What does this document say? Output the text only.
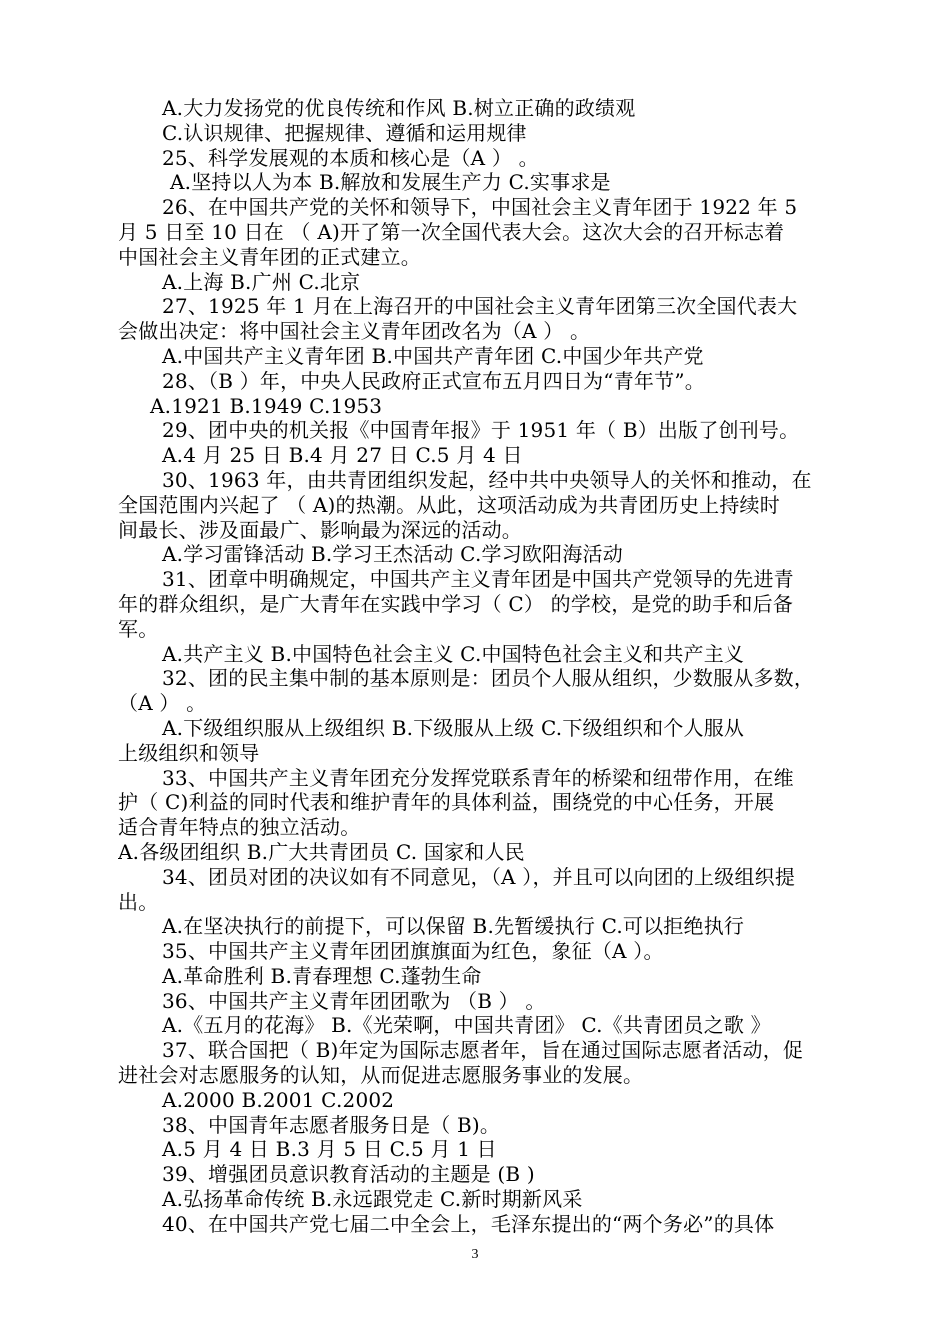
A.大力发扬党的优良传统和作风 B.树立正确的政绩观
C.认识规律、把握规律、遵循和运用规律
25、科学发展观的本质和核心是（A ） 。
A.坚持以人为本 B.解放和发展生产力 C.实事求是
26、在中国共产党的关怀和领导下，中国社会主义青年团于 1922 年 5
月 5 日至 10 日在 （ A)开了第一次全国代表大会。这次大会的召开标志着
中国社会主义青年团的正式建立。
A.上海 B.广州 C.北京
27、1925 年 1 月在上海召开的中国社会主义青年团第三次全国代表大
会做出决定：将中国社会主义青年团改名为（A ） 。
A.中国共产主义青年团 B.中国共产青年团 C.中国少年共产党
28、（B ）年，中央人民政府正式宣布五月四日为“青年节”。
A.1921 B.1949 C.1953
29、团中央的机关报《中国青年报》于 1951 年（ B）出版了创刊号。
A.4 月 25 日 B.4 月 27 日 C.5 月 4 日
30、1963 年，由共青团组织发起，经中共中央领导人的关怀和推动，在
全国范围内兴起了 （ A)的热潮。从此，这项活动成为共青团历史上持续时
间最长、涉及面最广、影响最为深远的活动。
A.学习雷锋活动 B.学习王杰活动 C.学习欧阳海活动
31、团章中明确规定，中国共产主义青年团是中国共产党领导的先进青
年的群众组织，是广大青年在实践中学习（ C） 的学校，是党的助手和后备
军。
A.共产主义 B.中国特色社会主义 C.中国特色社会主义和共产主义
32、团的民主集中制的基本原则是：团员个人服从组织，少数服从多数，
（A ） 。
A.下级组织服从上级组织 B.下级服从上级 C.下级组织和个人服从
上级组织和领导
33、中国共产主义青年团充分发挥党联系青年的桥梁和纽带作用，在维
护（ C)利益的同时代表和维护青年的具体利益，围绕党的中心任务，开展
适合青年特点的独立活动。
A.各级团组织 B.广大共青团员 C. 国家和人民
34、团员对团的决议如有不同意见，（A ），并且可以向团的上级组织提
出。
A.在坚决执行的前提下，可以保留 B.先暂缓执行 C.可以拒绝执行
35、中国共产主义青年团团旗旗面为红色，象征（A ）。
A.革命胜利 B.青春理想 C.蓬勃生命
36、中国共产主义青年团团歌为 （B ） 。
A.《五月的花海》 B.《光荣啊，中国共青团》 C.《共青团员之歌 》
37、联合国把（ B)年定为国际志愿者年，旨在通过国际志愿者活动，促
进社会对志愿服务的认知，从而促进志愿服务事业的发展。
A.2000 B.2001 C.2002
38、中国青年志愿者服务日是（ B)。
A.5 月 4 日 B.3 月 5 日 C.5 月 1 日
39、增强团员意识教育活动的主题是 (B )
A.弘扬革命传统 B.永远跟党走 C.新时期新风采
40、在中国共产党七届二中全会上，毛泽东提出的“两个务必”的具体
3
